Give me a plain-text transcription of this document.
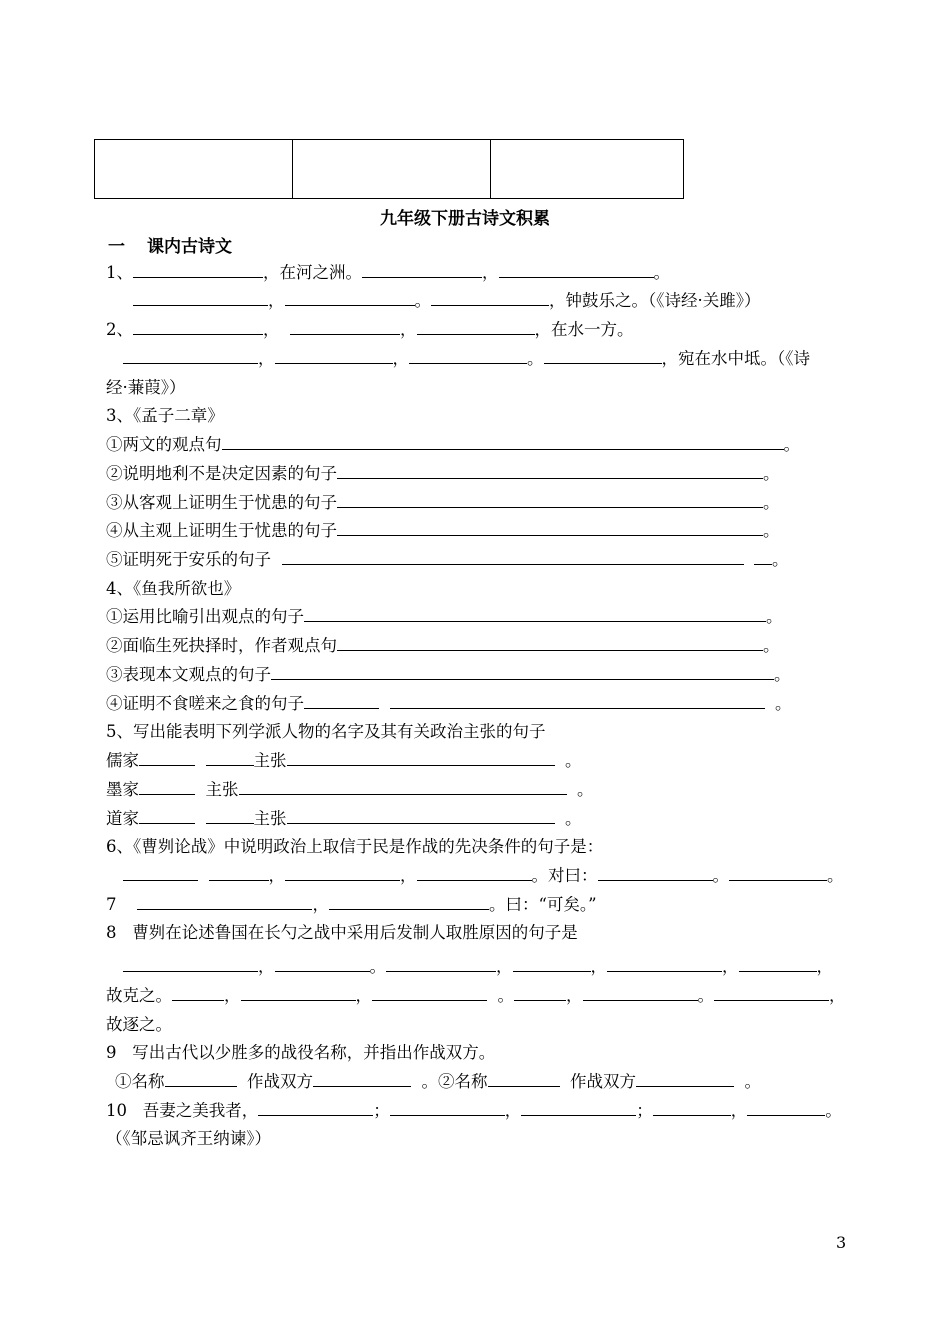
九年级下册古诗文积累
一 课内古诗文
1、	，在河之洲。	，	。
，	。	，钟鼓乐之。（《诗经·关雎》）
2、	，	，	，在水一方。
，	，	。	，宛在水中坻。（《诗
经·蒹葭》）
3、《孟子二章》
①两文的观点句	。
②说明地利不是决定因素的句子	。
③从客观上证明生于忧患的句子	。
④从主观上证明生于忧患的句子	。
⑤证明死于安乐的句子	。
4、《鱼我所欲也》
①运用比喻引出观点的句子	。
②面临生死抉择时，作者观点句	。
③表现本文观点的句子	。
④证明不食嗟来之食的句子	。
5、写出能表明下列学派人物的名字及其有关政治主张的句子
儒家	主张	。
墨家	主张	。
道家	主张	。
6、《曹刿论战》中说明政治上取信于民是作战的先决条件的句子是：
，	，	。对曰：	。	。
7	，	。曰：“可矣。”
8   曹刿在论述鲁国在长勺之战中采用后发制人取胜原因的句子是
，	。	，	，	，	，
故克之。	，	，	。	，	。	，
故逐之。
9   写出古代以少胜多的战役名称，并指出作战双方。
①名称	作战双方	。②名称	作战双方	。
10   吾妻之美我者，	；	，	；	，	。
（《邹忌讽齐王纳谏》）
3
